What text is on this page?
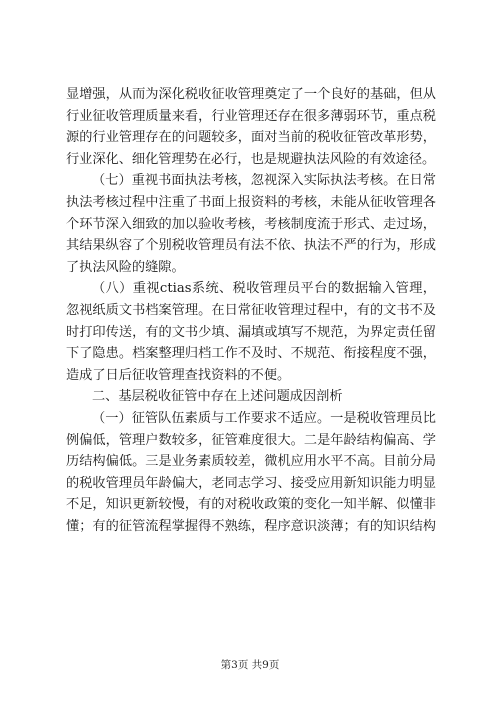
显增强，从而为深化税收征收管理奠定了一个良好的基础，但从
行业征收管理质量来看，行业管理还存在很多薄弱环节，重点税
源的行业管理存在的问题较多，面对当前的税收征管改革形势，
行业深化、细化管理势在必行，也是规避执法风险的有效途径。
（七）重视书面执法考核，忽视深入实际执法考核。在日常
执法考核过程中注重了书面上报资料的考核，未能从征收管理各
个环节深入细致的加以验收考核，考核制度流于形式、走过场，
其结果纵容了个别税收管理员有法不依、执法不严的行为，形成
了执法风险的缝隙。
（八）重视ctias系统、税收管理员平台的数据输入管理，
忽视纸质文书档案管理。在日常征收管理过程中，有的文书不及
时打印传送，有的文书少填、漏填或填写不规范，为界定责任留
下了隐患。档案整理归档工作不及时、不规范、衔接程度不强，
造成了日后征收管理查找资料的不便。
二、基层税收征管中存在上述问题成因剖析
（一）征管队伍素质与工作要求不适应。一是税收管理员比
例偏低，管理户数较多，征管难度很大。二是年龄结构偏高、学
历结构偏低。三是业务素质较差，微机应用水平不高。目前分局
的税收管理员年龄偏大，老同志学习、接受应用新知识能力明显
不足，知识更新较慢，有的对税收政策的变化一知半解、似懂非
懂；有的征管流程掌握得不熟练，程序意识淡薄；有的知识结构
第3页 共9页
